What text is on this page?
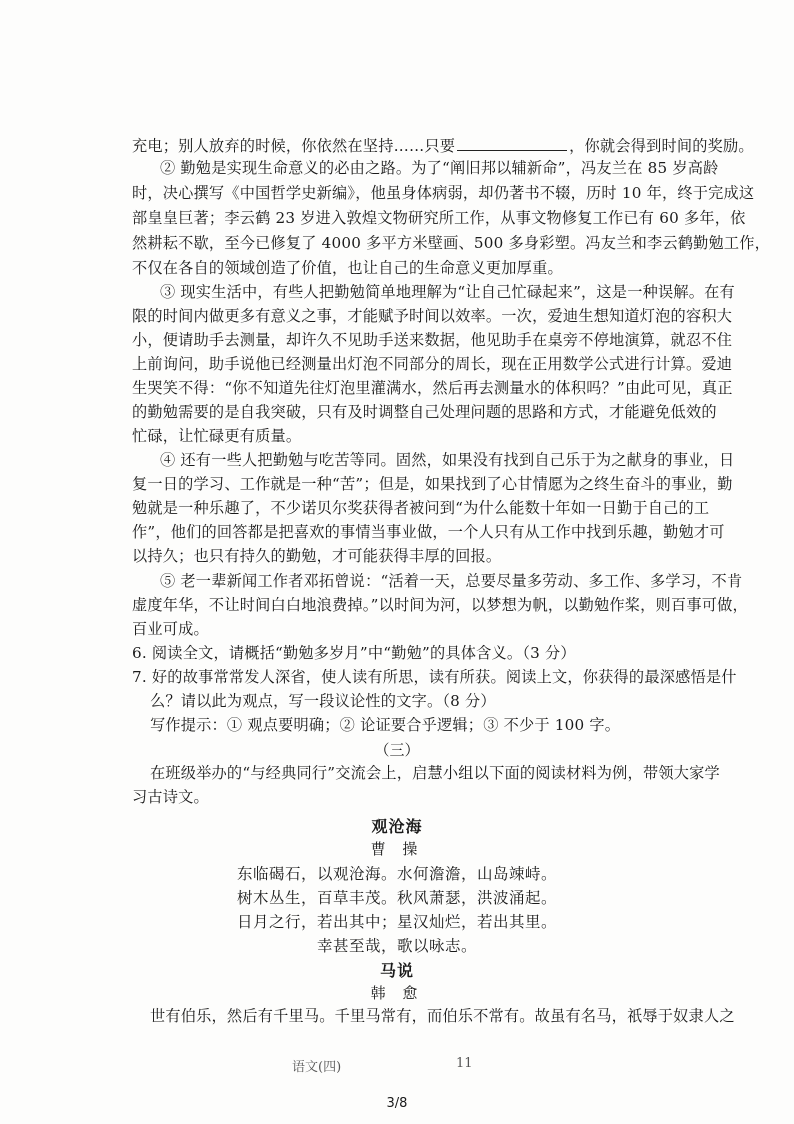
充电；别人放弃的时候，你依然在坚持……只要	，你就会得到时间的奖励。
② 勤勉是实现生命意义的必由之路。为了“阐旧邦以辅新命”，冯友兰在 85 岁高龄
时，决心撰写《中国哲学史新编》，他虽身体病弱，却仍著书不辍，历时 10 年，终于完成这
部皇皇巨著；李云鹤 23 岁进入敦煌文物研究所工作，从事文物修复工作已有 60 多年，依
然耕耘不歇，至今已修复了 4000 多平方米壁画、500 多身彩塑。冯友兰和李云鹤勤勉工作，
不仅在各自的领域创造了价值，也让自己的生命意义更加厚重。
③ 现实生活中，有些人把勤勉简单地理解为“让自己忙碌起来”，这是一种误解。在有
限的时间内做更多有意义之事，才能赋予时间以效率。一次，爱迪生想知道灯泡的容积大
小，便请助手去测量，却许久不见助手送来数据，他见助手在桌旁不停地演算，就忍不住
上前询问，助手说他已经测量出灯泡不同部分的周长，现在正用数学公式进行计算。爱迪
生哭笑不得：“你不知道先往灯泡里灌满水，然后再去测量水的体积吗？”由此可见，真正
的勤勉需要的是自我突破，只有及时调整自己处理问题的思路和方式，才能避免低效的
忙碌，让忙碌更有质量。
④ 还有一些人把勤勉与吃苦等同。固然，如果没有找到自己乐于为之献身的事业，日
复一日的学习、工作就是一种“苦”；但是，如果找到了心甘情愿为之终生奋斗的事业，勤
勉就是一种乐趣了，不少诺贝尔奖获得者被问到“为什么能数十年如一日勤于自己的工
作”，他们的回答都是把喜欢的事情当事业做，一个人只有从工作中找到乐趣，勤勉才可
以持久；也只有持久的勤勉，才可能获得丰厚的回报。
⑤ 老一辈新闻工作者邓拓曾说：“活着一天，总要尽量多劳动、多工作、多学习，不肯
虚度年华，不让时间白白地浪费掉。”以时间为河，以梦想为帆，以勤勉作桨，则百事可做，
百业可成。
6. 阅读全文，请概括“勤勉多岁月”中“勤勉”的具体含义。（3 分）
7. 好的故事常常发人深省，使人读有所思，读有所获。阅读上文，你获得的最深感悟是什
么？请以此为观点，写一段议论性的文字。（8 分）
写作提示：① 观点要明确；② 论证要合乎逻辑；③ 不少于 100 字。
（三）
在班级举办的“与经典同行”交流会上，启慧小组以下面的阅读材料为例，带领大家学
习古诗文。
观沧海
曹 操
东临碣石，以观沧海。水何澹澹，山岛竦峙。
树木丛生，百草丰茂。秋风萧瑟，洪波涌起。
日月之行，若出其中；星汉灿烂，若出其里。
幸甚至哉，歌以咏志。
马说
韩 愈
世有伯乐，然后有千里马。千里马常有，而伯乐不常有。故虽有名马，祇辱于奴隶人之
语文(四)	11
3/8
